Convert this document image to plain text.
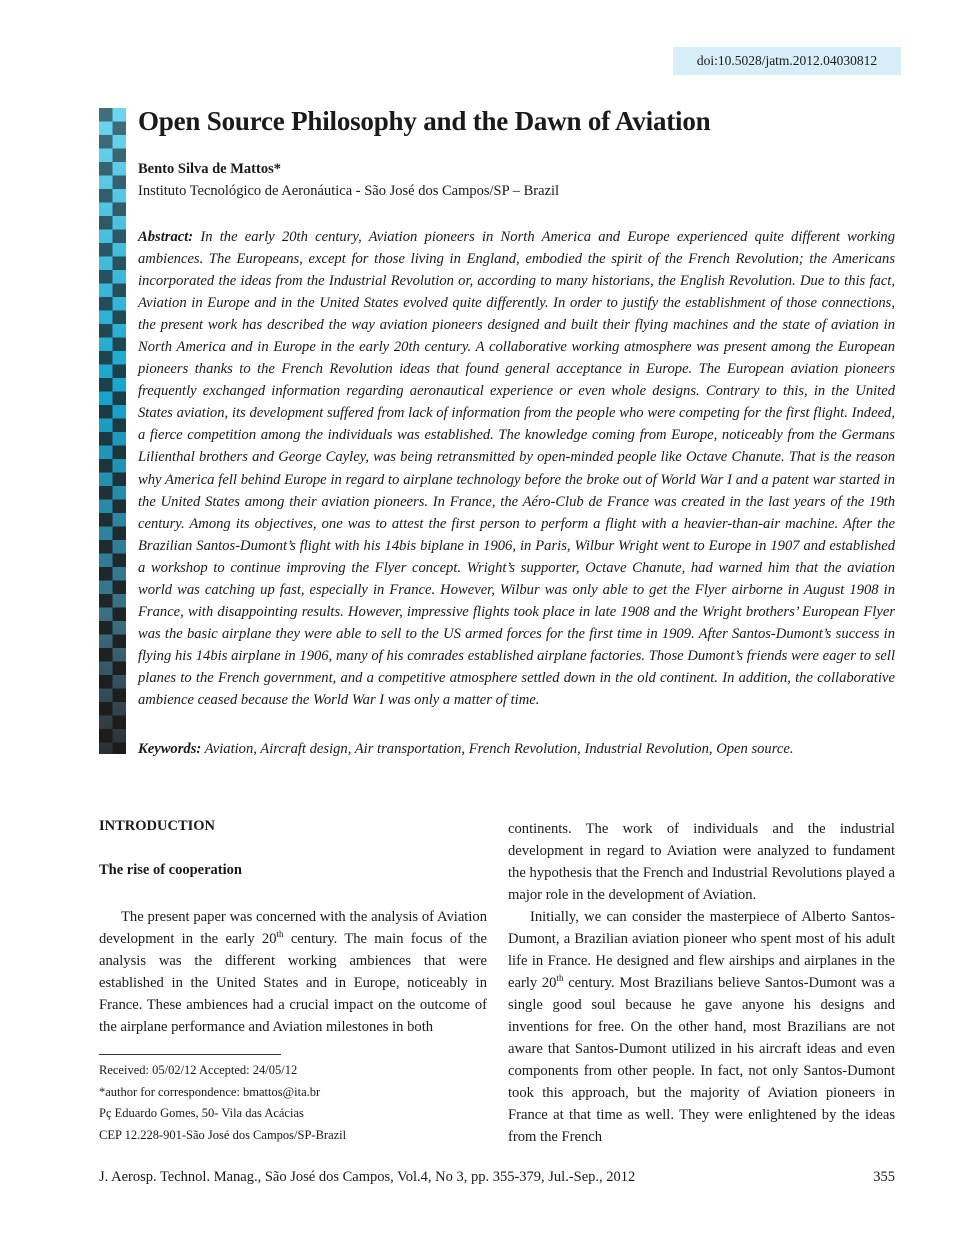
doi:10.5028/jatm.2012.04030812
Open Source Philosophy and the Dawn of Aviation

Bento Silva de Mattos*

Instituto Tecnológico de Aeronáutica - São José dos Campos/SP – Brazil

Abstract: In the early 20th century, Aviation pioneers in North America and Europe experienced quite different working ambiences. The Europeans, except for those living in England, embodied the spirit of the French Revolution; the Americans incorporated the ideas from the Industrial Revolution or, according to many historians, the English Revolution. Due to this fact, Aviation in Europe and in the United States evolved quite differently. In order to justify the establishment of those connections, the present work has described the way aviation pioneers designed and built their flying machines and the state of aviation in North America and in Europe in the early 20th century. A collaborative working atmosphere was present among the European pioneers thanks to the French Revolution ideas that found general acceptance in Europe. The European aviation pioneers frequently exchanged information regarding aeronautical experience or even whole designs. Contrary to this, in the United States aviation, its development suffered from lack of information from the people who were competing for the first flight. Indeed, a fierce competition among the individuals was established. The knowledge coming from Europe, noticeably from the Germans Lilienthal brothers and George Cayley, was being retransmitted by open-minded people like Octave Chanute. That is the reason why America fell behind Europe in regard to airplane technology before the broke out of World War I and a patent war started in the United States among their aviation pioneers. In France, the Aéro-Club de France was created in the last years of the 19th century. Among its objectives, one was to attest the first person to perform a flight with a heavier-than-air machine. After the Brazilian Santos-Dumont’s flight with his 14bis biplane in 1906, in Paris, Wilbur Wright went to Europe in 1907 and established a workshop to continue improving the Flyer concept. Wright’s supporter, Octave Chanute, had warned him that the aviation world was catching up fast, especially in France. However, Wilbur was only able to get the Flyer airborne in August 1908 in France, with disappointing results. However, impressive flights took place in late 1908 and the Wright brothers’ European Flyer was the basic airplane they were able to sell to the US armed forces for the first time in 1909. After Santos-Dumont’s success in flying his 14bis airplane in 1906, many of his comrades established airplane factories. Those Dumont’s friends were eager to sell planes to the French government, and a competitive atmosphere settled down in the old continent. In addition, the collaborative ambience ceased because the World War I was only a matter of time.

Keywords: Aviation, Aircraft design, Air transportation, French Revolution, Industrial Revolution, Open source.

INTRODUCTION
The rise of cooperation

The present paper was concerned with the analysis of Aviation development in the early 20th century. The main focus of the analysis was the different working ambiences that were established in the United States and in Europe, noticeably in France. These ambiences had a crucial impact on the outcome of the airplane performance and Aviation milestones in both

continents. The work of individuals and the industrial development in regard to Aviation were analyzed to fundament the hypothesis that the French and Industrial Revolutions played a major role in the development of Aviation.

Initially, we can consider the masterpiece of Alberto Santos-Dumont, a Brazilian aviation pioneer who spent most of his adult life in France. He designed and flew airships and airplanes in the early 20th century. Most Brazilians believe Santos-Dumont was a single good soul because he gave anyone his designs and inventions for free. On the other hand, most Brazilians are not aware that Santos-Dumont utilized in his aircraft ideas and even components from other people. In fact, not only Santos-Dumont took this approach, but the majority of Aviation pioneers in France at that time as well. They were enlightened by the ideas from the French

Received: 05/02/12 Accepted: 24/05/12
*author for correspondence: bmattos@ita.br
Pç Eduardo Gomes, 50- Vila das Acácias
CEP 12.228-901-São José dos Campos/SP-Brazil
J. Aerosp. Technol. Manag., São José dos Campos, Vol.4, No 3, pp. 355-379, Jul.-Sep., 2012	355
